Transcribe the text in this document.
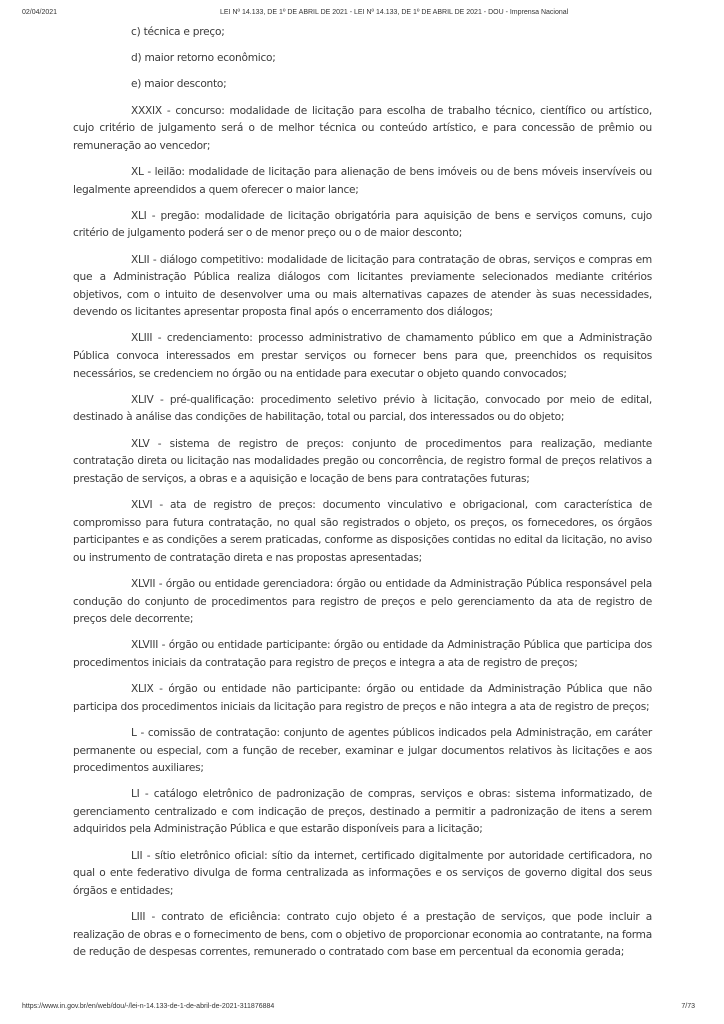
02/04/2021	LEI Nº 14.133, DE 1º DE ABRIL DE 2021 - LEI Nº 14.133, DE 1º DE ABRIL DE 2021 - DOU - Imprensa Nacional

c) técnica e preço;

d) maior retorno econômico;

e) maior desconto;

XXXIX - concurso: modalidade de licitação para escolha de trabalho técnico, científico ou artístico, cujo critério de julgamento será o de melhor técnica ou conteúdo artístico, e para concessão de prêmio ou remuneração ao vencedor;

XL - leilão: modalidade de licitação para alienação de bens imóveis ou de bens móveis inservíveis ou legalmente apreendidos a quem oferecer o maior lance;

XLI - pregão: modalidade de licitação obrigatória para aquisição de bens e serviços comuns, cujo critério de julgamento poderá ser o de menor preço ou o de maior desconto;

XLII - diálogo competitivo: modalidade de licitação para contratação de obras, serviços e compras em que a Administração Pública realiza diálogos com licitantes previamente selecionados mediante critérios objetivos, com o intuito de desenvolver uma ou mais alternativas capazes de atender às suas necessidades, devendo os licitantes apresentar proposta final após o encerramento dos diálogos;

XLIII - credenciamento: processo administrativo de chamamento público em que a Administração Pública convoca interessados em prestar serviços ou fornecer bens para que, preenchidos os requisitos necessários, se credenciem no órgão ou na entidade para executar o objeto quando convocados;

XLIV - pré-qualificação: procedimento seletivo prévio à licitação, convocado por meio de edital, destinado à análise das condições de habilitação, total ou parcial, dos interessados ou do objeto;

XLV - sistema de registro de preços: conjunto de procedimentos para realização, mediante contratação direta ou licitação nas modalidades pregão ou concorrência, de registro formal de preços relativos a prestação de serviços, a obras e a aquisição e locação de bens para contratações futuras;

XLVI - ata de registro de preços: documento vinculativo e obrigacional, com característica de compromisso para futura contratação, no qual são registrados o objeto, os preços, os fornecedores, os órgãos participantes e as condições a serem praticadas, conforme as disposições contidas no edital da licitação, no aviso ou instrumento de contratação direta e nas propostas apresentadas;

XLVII - órgão ou entidade gerenciadora: órgão ou entidade da Administração Pública responsável pela condução do conjunto de procedimentos para registro de preços e pelo gerenciamento da ata de registro de preços dele decorrente;

XLVIII - órgão ou entidade participante: órgão ou entidade da Administração Pública que participa dos procedimentos iniciais da contratação para registro de preços e integra a ata de registro de preços;

XLIX - órgão ou entidade não participante: órgão ou entidade da Administração Pública que não participa dos procedimentos iniciais da licitação para registro de preços e não integra a ata de registro de preços;

L - comissão de contratação: conjunto de agentes públicos indicados pela Administração, em caráter permanente ou especial, com a função de receber, examinar e julgar documentos relativos às licitações e aos procedimentos auxiliares;

LI - catálogo eletrônico de padronização de compras, serviços e obras: sistema informatizado, de gerenciamento centralizado e com indicação de preços, destinado a permitir a padronização de itens a serem adquiridos pela Administração Pública e que estarão disponíveis para a licitação;

LII - sítio eletrônico oficial: sítio da internet, certificado digitalmente por autoridade certificadora, no qual o ente federativo divulga de forma centralizada as informações e os serviços de governo digital dos seus órgãos e entidades;

LIII - contrato de eficiência: contrato cujo objeto é a prestação de serviços, que pode incluir a realização de obras e o fornecimento de bens, com o objetivo de proporcionar economia ao contratante, na forma de redução de despesas correntes, remunerado o contratado com base em percentual da economia gerada;

https://www.in.gov.br/en/web/dou/-/lei-n-14.133-de-1-de-abril-de-2021-311876884	7/73
